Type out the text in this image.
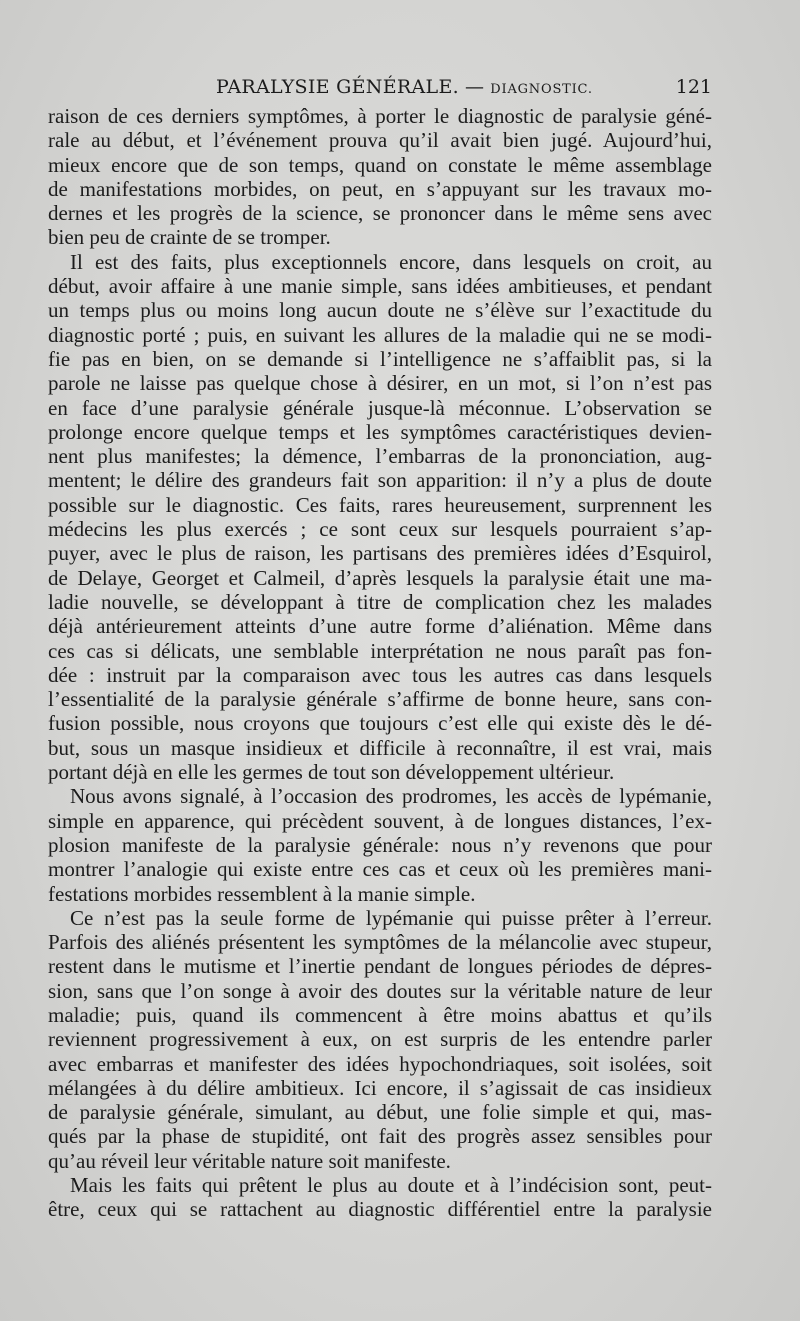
PARALYSIE GÉNÉRALE. — DIAGNOSTIC.	121
raison de ces derniers symptômes, à porter le diagnostic de paralysie géné-
rale au début, et l’événement prouva qu’il avait bien jugé. Aujourd’hui,
mieux encore que de son temps, quand on constate le même assemblage
de manifestations morbides, on peut, en s’appuyant sur les travaux mo-
dernes et les progrès de la science, se prononcer dans le même sens avec
bien peu de crainte de se tromper.
Il est des faits, plus exceptionnels encore, dans lesquels on croit, au
début, avoir affaire à une manie simple, sans idées ambitieuses, et pendant
un temps plus ou moins long aucun doute ne s’élève sur l’exactitude du
diagnostic porté ; puis, en suivant les allures de la maladie qui ne se modi-
fie pas en bien, on se demande si l’intelligence ne s’affaiblit pas, si la
parole ne laisse pas quelque chose à désirer, en un mot, si l’on n’est pas
en face d’une paralysie générale jusque-là méconnue. L’observation se
prolonge encore quelque temps et les symptômes caractéristiques devien-
nent plus manifestes; la démence, l’embarras de la prononciation, aug-
mentent; le délire des grandeurs fait son apparition: il n’y a plus de doute
possible sur le diagnostic. Ces faits, rares heureusement, surprennent les
médecins les plus exercés ; ce sont ceux sur lesquels pourraient s’ap-
puyer, avec le plus de raison, les partisans des premières idées d’Esquirol,
de Delaye, Georget et Calmeil, d’après lesquels la paralysie était une ma-
ladie nouvelle, se développant à titre de complication chez les malades
déjà antérieurement atteints d’une autre forme d’aliénation. Même dans
ces cas si délicats, une semblable interprétation ne nous paraît pas fon-
dée : instruit par la comparaison avec tous les autres cas dans lesquels
l’essentialité de la paralysie générale s’affirme de bonne heure, sans con-
fusion possible, nous croyons que toujours c’est elle qui existe dès le dé-
but, sous un masque insidieux et difficile à reconnaître, il est vrai, mais
portant déjà en elle les germes de tout son développement ultérieur.
Nous avons signalé, à l’occasion des prodromes, les accès de lypémanie,
simple en apparence, qui précèdent souvent, à de longues distances, l’ex-
plosion manifeste de la paralysie générale: nous n’y revenons que pour
montrer l’analogie qui existe entre ces cas et ceux où les premières mani-
festations morbides ressemblent à la manie simple.
Ce n’est pas la seule forme de lypémanie qui puisse prêter à l’erreur.
Parfois des aliénés présentent les symptômes de la mélancolie avec stupeur,
restent dans le mutisme et l’inertie pendant de longues périodes de dépres-
sion, sans que l’on songe à avoir des doutes sur la véritable nature de leur
maladie; puis, quand ils commencent à être moins abattus et qu’ils
reviennent progressivement à eux, on est surpris de les entendre parler
avec embarras et manifester des idées hypochondriaques, soit isolées, soit
mélangées à du délire ambitieux. Ici encore, il s’agissait de cas insidieux
de paralysie générale, simulant, au début, une folie simple et qui, mas-
qués par la phase de stupidité, ont fait des progrès assez sensibles pour
qu’au réveil leur véritable nature soit manifeste.
Mais les faits qui prêtent le plus au doute et à l’indécision sont, peut-
être, ceux qui se rattachent au diagnostic différentiel entre la paralysie
